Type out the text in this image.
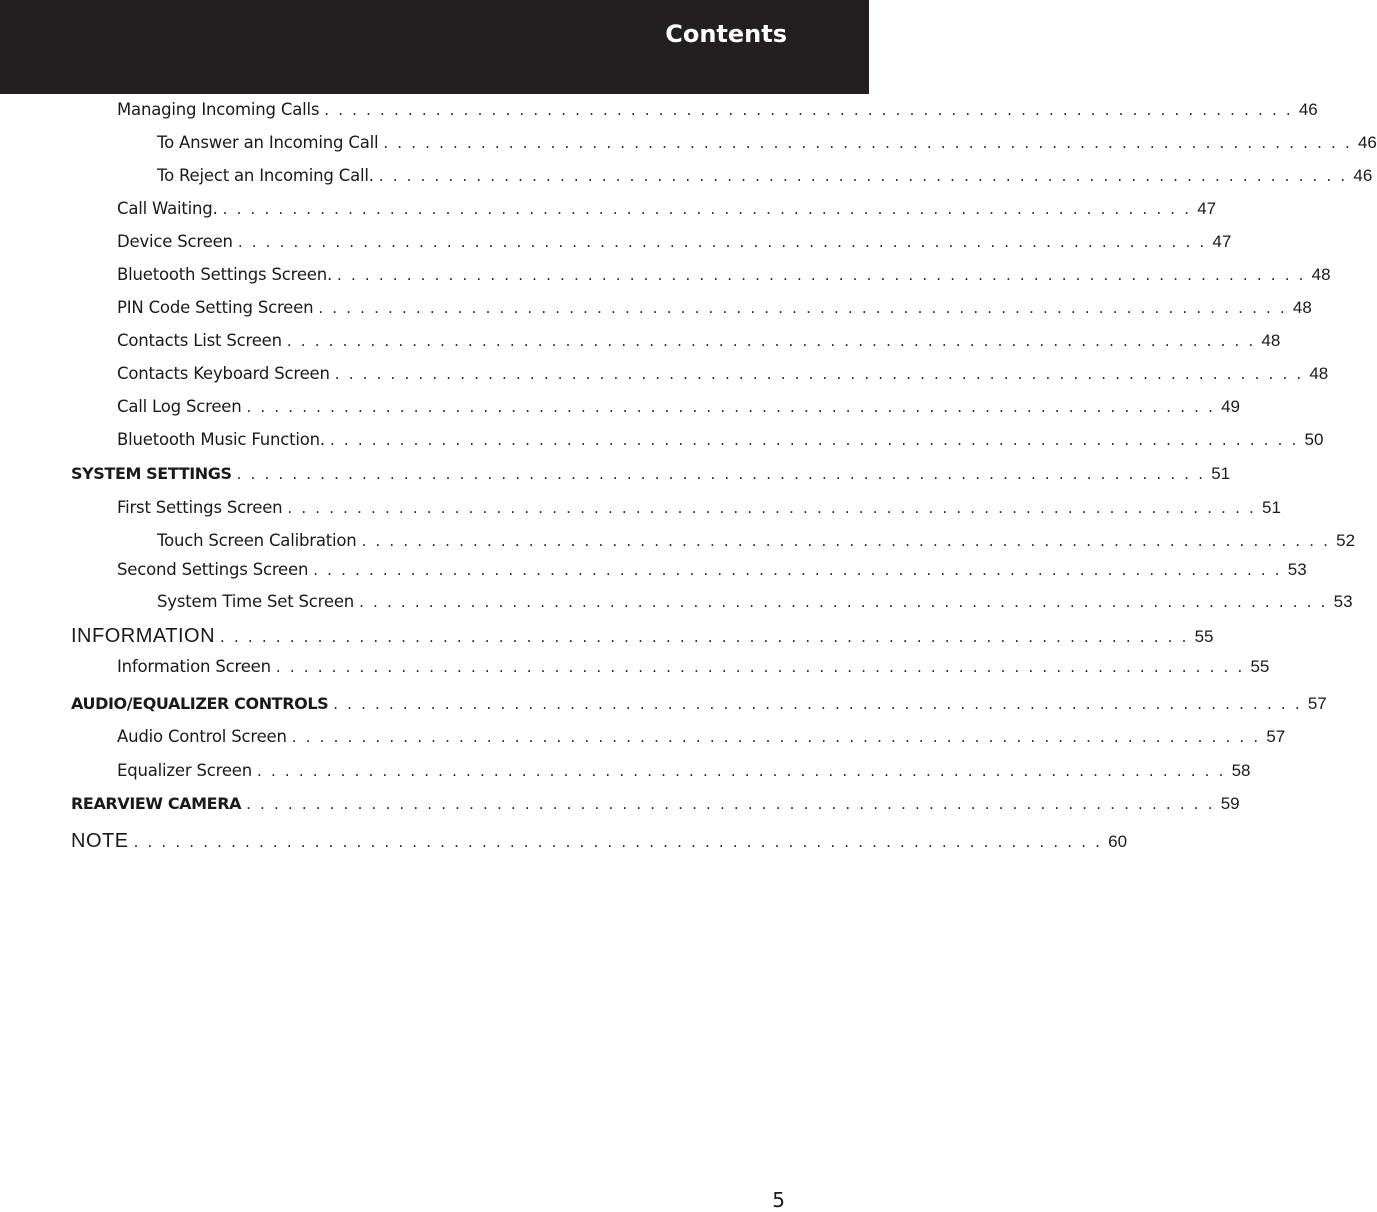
Contents
Managing Incoming Calls . . . . . . . . . . . . . . . . . . . . . . . . . . . . . . . . . . . . . . . . . . . . . . . . . . . . . . . . . . . . . . . . . . . . . . 46
To Answer an Incoming Call . . . . . . . . . . . . . . . . . . . . . . . . . . . . . . . . . . . . . . . . . . . . . . . . . . . . . . . . . . . . . . . . . . . . . . 46
To Reject an Incoming Call. . . . . . . . . . . . . . . . . . . . . . . . . . . . . . . . . . . . . . . . . . . . . . . . . . . . . . . . . . . . . . . . . . . . . . . 46
Call Waiting. . . . . . . . . . . . . . . . . . . . . . . . . . . . . . . . . . . . . . . . . . . . . . . . . . . . . . . . . . . . . . . . . . . . . . . 47
Device Screen . . . . . . . . . . . . . . . . . . . . . . . . . . . . . . . . . . . . . . . . . . . . . . . . . . . . . . . . . . . . . . . . . . . . . . 47
Bluetooth Settings Screen. . . . . . . . . . . . . . . . . . . . . . . . . . . . . . . . . . . . . . . . . . . . . . . . . . . . . . . . . . . . . . . . . . . . . . . 48
PIN Code Setting Screen . . . . . . . . . . . . . . . . . . . . . . . . . . . . . . . . . . . . . . . . . . . . . . . . . . . . . . . . . . . . . . . . . . . . . . 48
Contacts List Screen . . . . . . . . . . . . . . . . . . . . . . . . . . . . . . . . . . . . . . . . . . . . . . . . . . . . . . . . . . . . . . . . . . . . . . 48
Contacts Keyboard Screen . . . . . . . . . . . . . . . . . . . . . . . . . . . . . . . . . . . . . . . . . . . . . . . . . . . . . . . . . . . . . . . . . . . . . . 48
Call Log Screen . . . . . . . . . . . . . . . . . . . . . . . . . . . . . . . . . . . . . . . . . . . . . . . . . . . . . . . . . . . . . . . . . . . . . . 49
Bluetooth Music Function. . . . . . . . . . . . . . . . . . . . . . . . . . . . . . . . . . . . . . . . . . . . . . . . . . . . . . . . . . . . . . . . . . . . . . . 50
SYSTEM SETTINGS . . . . . . . . . . . . . . . . . . . . . . . . . . . . . . . . . . . . . . . . . . . . . . . . . . . . . . . . . . . . . . . . . . . . . . 51
First Settings Screen . . . . . . . . . . . . . . . . . . . . . . . . . . . . . . . . . . . . . . . . . . . . . . . . . . . . . . . . . . . . . . . . . . . . . . 51
Touch Screen Calibration . . . . . . . . . . . . . . . . . . . . . . . . . . . . . . . . . . . . . . . . . . . . . . . . . . . . . . . . . . . . . . . . . . . . . . 52
Second Settings Screen . . . . . . . . . . . . . . . . . . . . . . . . . . . . . . . . . . . . . . . . . . . . . . . . . . . . . . . . . . . . . . . . . . . . . . 53
System Time Set Screen . . . . . . . . . . . . . . . . . . . . . . . . . . . . . . . . . . . . . . . . . . . . . . . . . . . . . . . . . . . . . . . . . . . . . . 53
INFORMATION . . . . . . . . . . . . . . . . . . . . . . . . . . . . . . . . . . . . . . . . . . . . . . . . . . . . . . . . . . . . . . . . . . . . . . 55
Information Screen . . . . . . . . . . . . . . . . . . . . . . . . . . . . . . . . . . . . . . . . . . . . . . . . . . . . . . . . . . . . . . . . . . . . . . 55
AUDIO/EQUALIZER CONTROLS . . . . . . . . . . . . . . . . . . . . . . . . . . . . . . . . . . . . . . . . . . . . . . . . . . . . . . . . . . . . . . . . . . . . . . 57
Audio Control Screen . . . . . . . . . . . . . . . . . . . . . . . . . . . . . . . . . . . . . . . . . . . . . . . . . . . . . . . . . . . . . . . . . . . . . . 57
Equalizer Screen . . . . . . . . . . . . . . . . . . . . . . . . . . . . . . . . . . . . . . . . . . . . . . . . . . . . . . . . . . . . . . . . . . . . . . 58
REARVIEW CAMERA . . . . . . . . . . . . . . . . . . . . . . . . . . . . . . . . . . . . . . . . . . . . . . . . . . . . . . . . . . . . . . . . . . . . . . 59
NOTE . . . . . . . . . . . . . . . . . . . . . . . . . . . . . . . . . . . . . . . . . . . . . . . . . . . . . . . . . . . . . . . . . . . . . . 60
5
